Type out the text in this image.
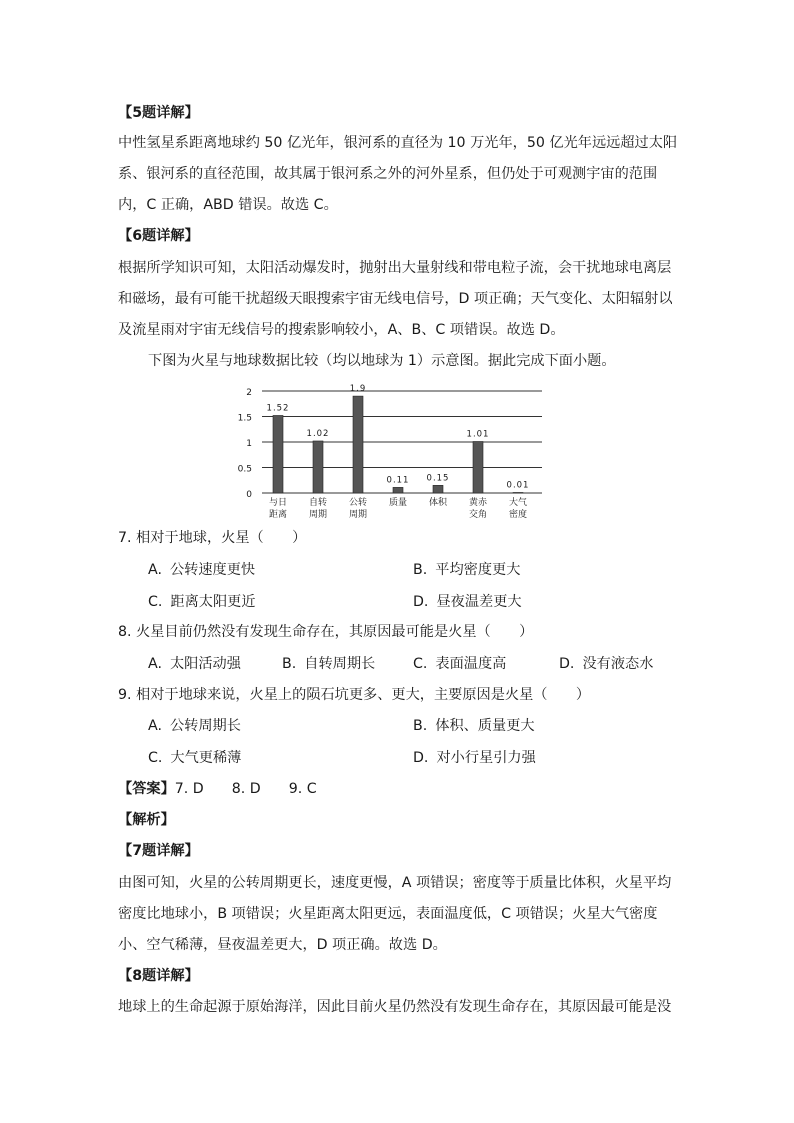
【5题详解】
中性氢星系距离地球约 50 亿光年，银河系的直径为 10 万光年，50 亿光年远远超过太阳
系、银河系的直径范围，故其属于银河系之外的河外星系，但仍处于可观测宇宙的范围
内，C 正确，ABD 错误。故选 C。
【6题详解】
根据所学知识可知，太阳活动爆发时，抛射出大量射线和带电粒子流，会干扰地球电离层
和磁场，最有可能干扰超级天眼搜索宇宙无线电信号，D 项正确；天气变化、太阳辐射以
及流星雨对宇宙无线信号的搜索影响较小，A、B、C 项错误。故选 D。
下图为火星与地球数据比较（均以地球为 1）示意图。据此完成下面小题。
0
0.5
1
1.5
2
1.52
1.02
1.9
0.11 0.15
1.01
0.01
与日
距离
自转
周期
公转
周期
质量 体积 黄赤
交角
大气
密度
7. 相对于地球，火星（　　）
A. 公转速度更快	B. 平均密度更大
C. 距离太阳更近	D. 昼夜温差更大
8. 火星目前仍然没有发现生命存在，其原因最可能是火星（　　）
A. 太阳活动强	B. 自转周期长	C. 表面温度高	D. 没有液态水
9. 相对于地球来说，火星上的陨石坑更多、更大，主要原因是火星（　　）
A. 公转周期长	B. 体积、质量更大
C. 大气更稀薄	D. 对小行星引力强
【答案】7. D 8. D 9. C
【解析】
【7题详解】
由图可知，火星的公转周期更长，速度更慢，A 项错误；密度等于质量比体积，火星平均
密度比地球小，B 项错误；火星距离太阳更远，表面温度低，C 项错误；火星大气密度
小、空气稀薄，昼夜温差更大，D 项正确。故选 D。
【8题详解】
地球上的生命起源于原始海洋，因此目前火星仍然没有发现生命存在，其原因最可能是没
